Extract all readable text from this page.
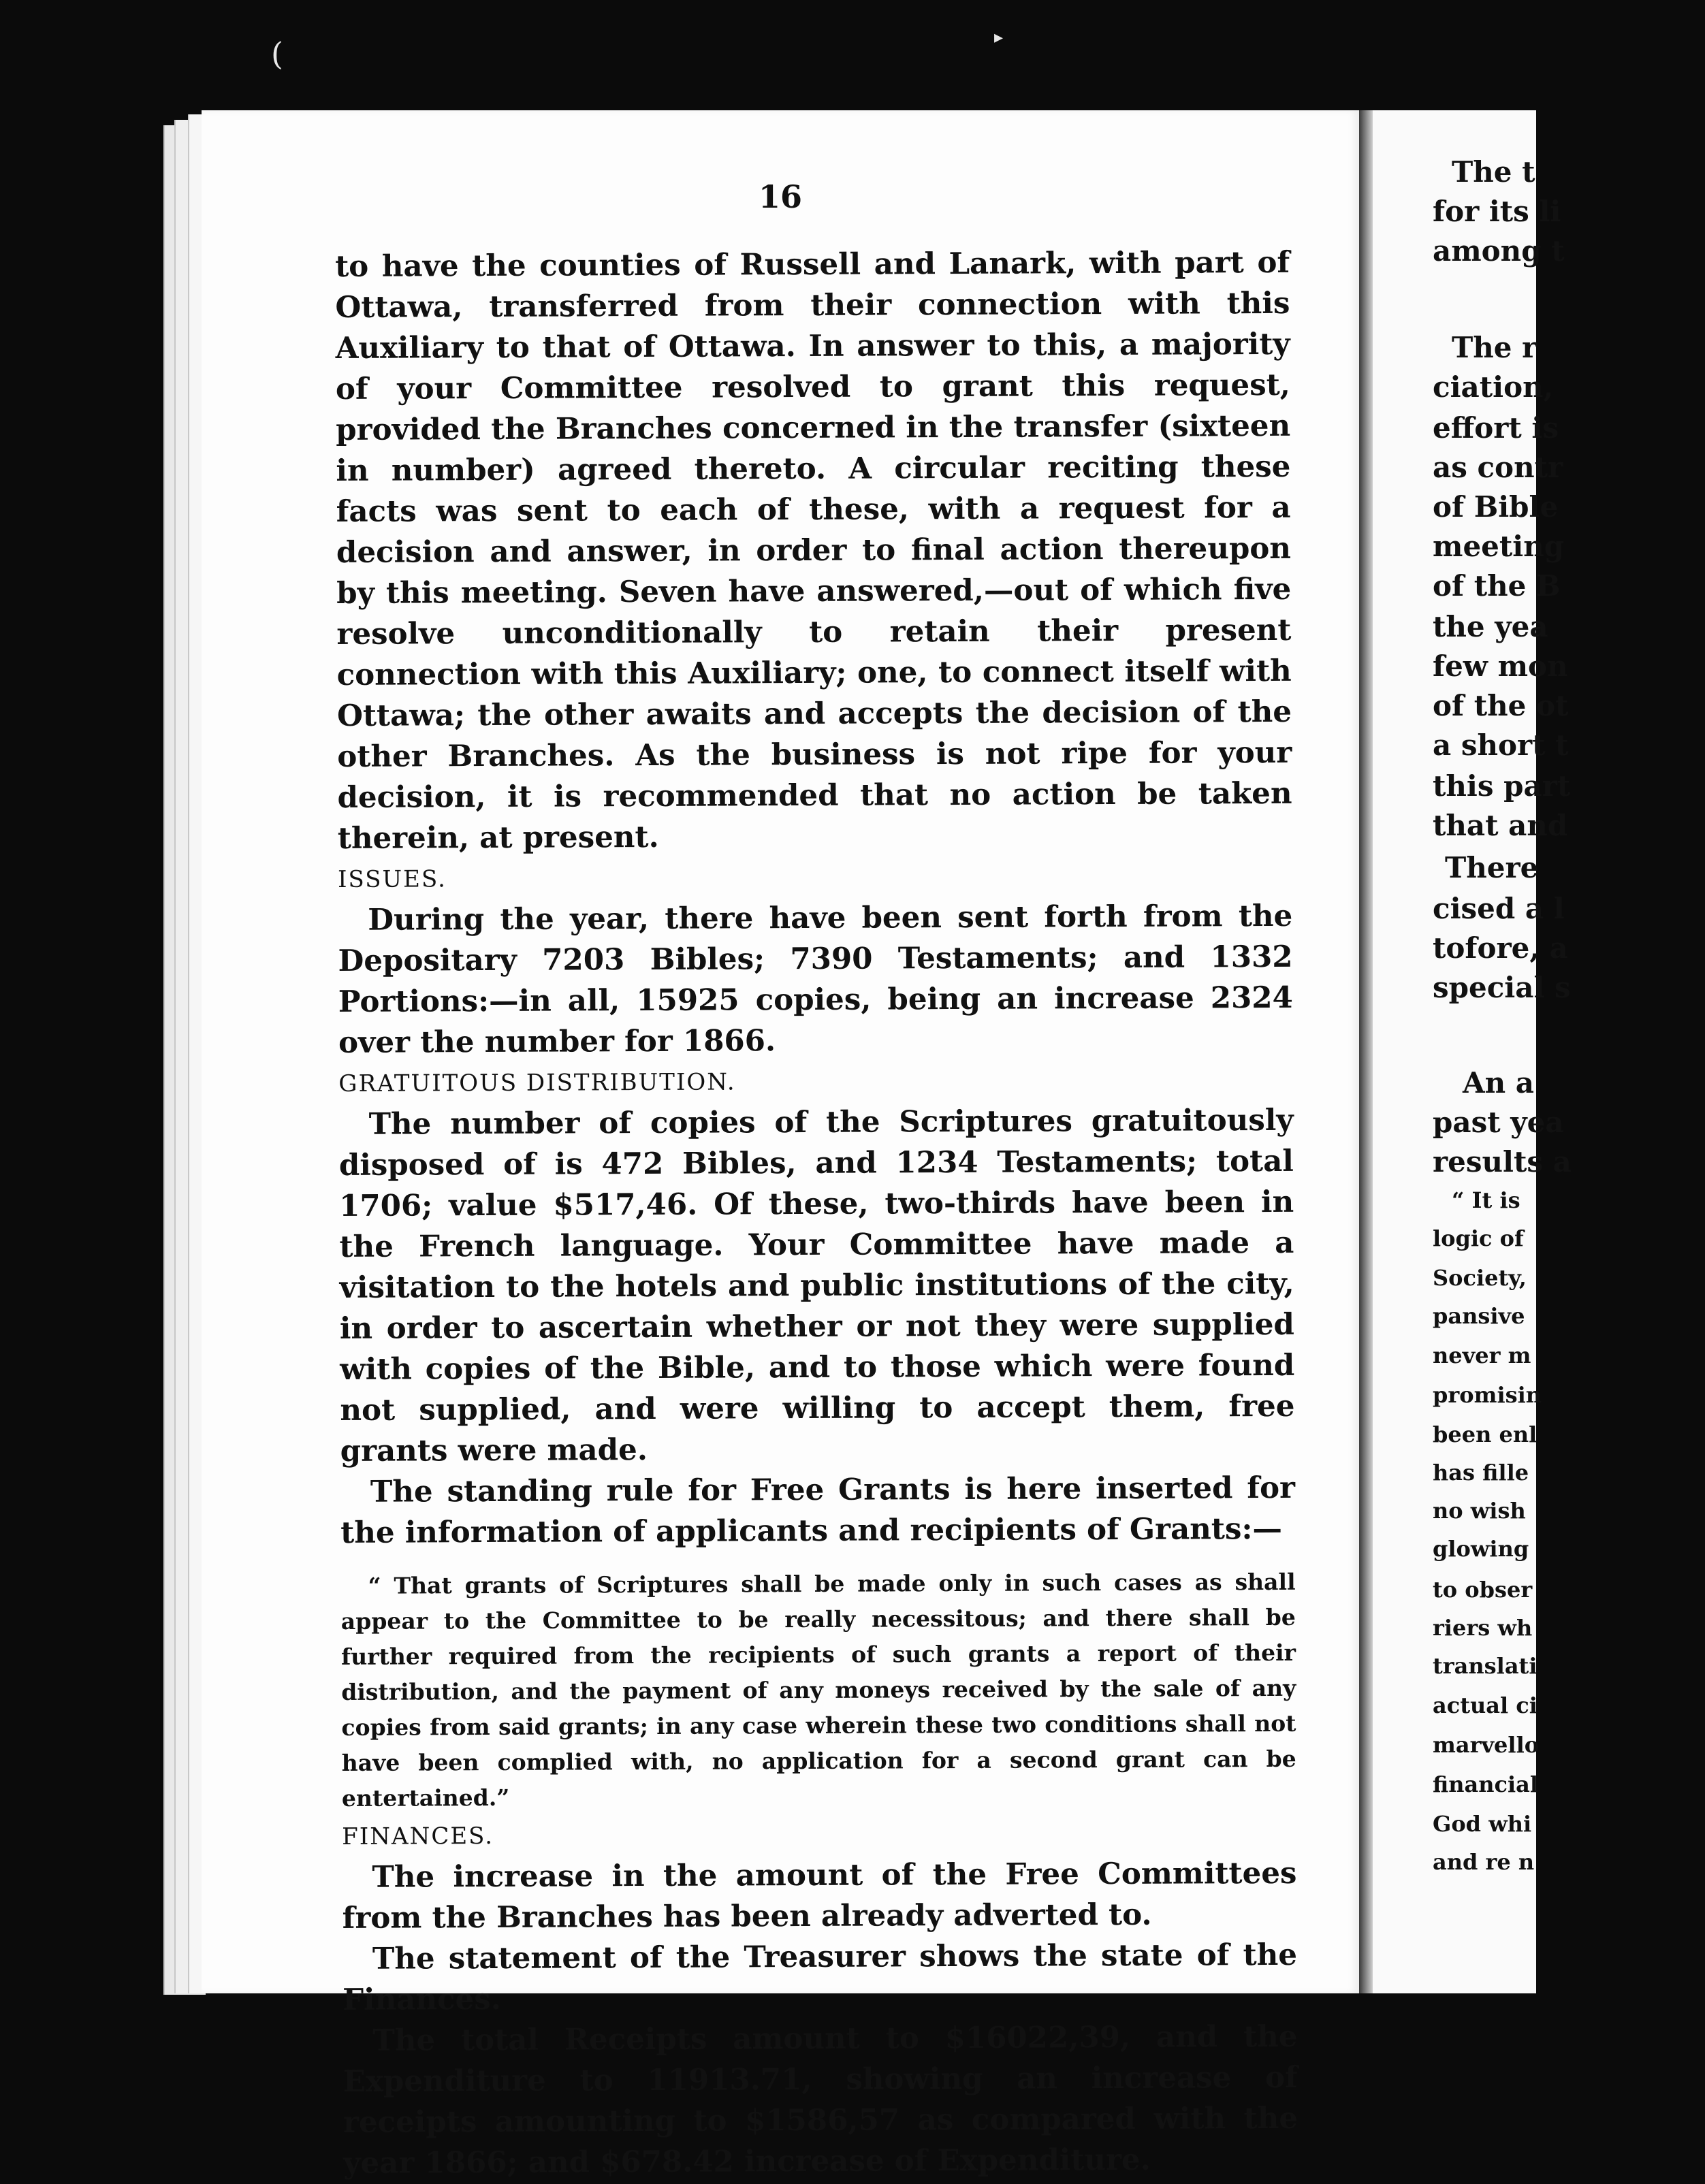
(	▸
16

to have the counties of Russell and Lanark, with part of Ottawa, transferred from their connection with this Auxiliary to that of Ottawa. In answer to this, a majority of your Committee resolved to grant this request, provided the Branches concerned in the transfer (sixteen in number) agreed thereto. A circular reciting these facts was sent to each of these, with a request for a decision and answer, in order to final action thereupon by this meeting. Seven have answered,—out of which five resolve unconditionally to retain their present connection with this Auxiliary; one, to connect itself with Ottawa; the other awaits and accepts the decision of the other Branches. As the business is not ripe for your decision, it is recommended that no action be taken therein, at present.

ISSUES.

During the year, there have been sent forth from the Depositary 7203 Bibles; 7390 Testaments; and 1332 Portions:—in all, 15925 copies, being an increase 2324 over the number for 1866.

GRATUITOUS DISTRIBUTION.

The number of copies of the Scriptures gratuitously disposed of is 472 Bibles, and 1234 Testaments; total 1706; value $517,46. Of these, two-thirds have been in the French language. Your Committee have made a visitation to the hotels and public institutions of the city, in order to ascertain whether or not they were supplied with copies of the Bible, and to those which were found not supplied, and were willing to accept them, free grants were made.

The standing rule for Free Grants is here inserted for the information of applicants and recipients of Grants:—

“ That grants of Scriptures shall be made only in such cases as shall appear to the Committee to be really necessitous; and there shall be further required from the recipients of such grants a report of their distribution, and the payment of any moneys received by the sale of any copies from said grants; in any case wherein these two conditions shall not have been complied with, no application for a second grant can be entertained.”

FINANCES.

The increase in the amount of the Free Committees from the Branches has been already adverted to.

The statement of the Treasurer shows the state of the Finances.

The total Receipts amount to $16022,39, and the Expenditure to 11913.71, showing an increase of receipts amounting to $1586,57 as compared with the year 1866; and $678.42 increase of Expenditure.

The t
for its li
among t
The r
ciation,
effort is
as contr
of Bible
meeting
of the B
the yea
few mon
of the ot
a short t
this part
that and
There
cised a l
tofore, a
special s
An a
past yea
results a
“ It is
logic of
Society,
pansive
never m
promisin
been enl
has fille
no wish
glowing
to obser
riers wh
translati
actual ci
marvello
financial
God whi
and re n
